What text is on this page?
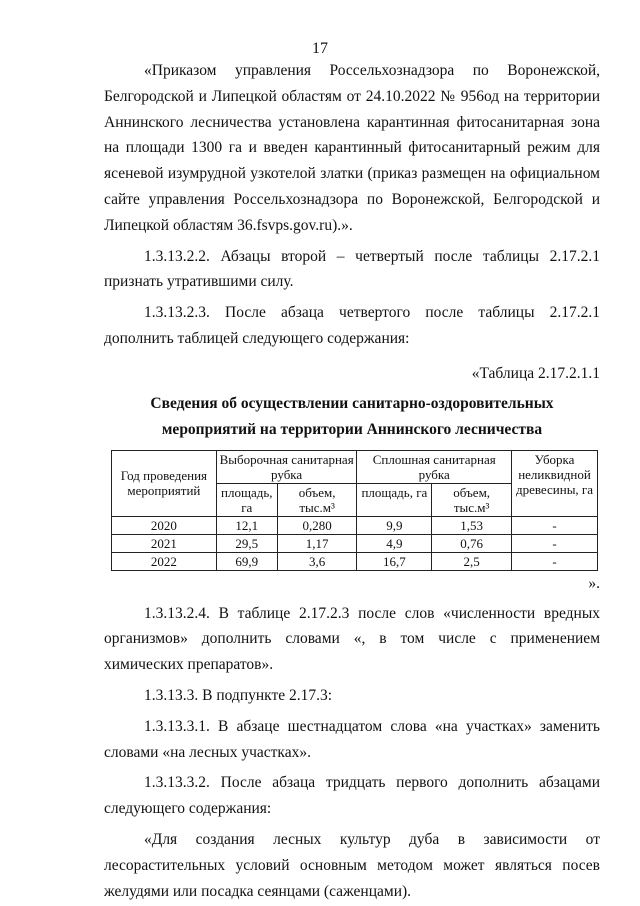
17

«Приказом управления Россельхознадзора по Воронежской, Белгородской и Липецкой областям от 24.10.2022 № 956од на территории Аннинского лесничества установлена карантинная фитосанитарная зона на площади 1300 га и введен карантинный фитосанитарный режим для ясеневой изумрудной узкотелой златки (приказ размещен на официальном сайте управления Россельхознадзора по Воронежской, Белгородской и Липецкой областям 36.fsvps.gov.ru).».

1.3.13.2.2. Абзацы второй – четвертый после таблицы 2.17.2.1 признать утратившими силу.

1.3.13.2.3. После абзаца четвертого после таблицы 2.17.2.1 дополнить таблицей следующего содержания:

«Таблица 2.17.2.1.1

Сведения об осуществлении санитарно-оздоровительных мероприятий на территории Аннинского лесничества

Год проведения мероприятий	Выборочная санитарная рубка		Сплошная санитарная рубка		Уборка неликвидной древесины, га
	площадь, га	объем, тыс.м³	площадь, га	объем, тыс.м³	
2020	12,1	0,280	9,9	1,53	-
2021	29,5	1,17	4,9	0,76	-
2022	69,9	3,6	16,7	2,5	-

».

1.3.13.2.4. В таблице 2.17.2.3 после слов «численности вредных организмов» дополнить словами «, в том числе с применением химических препаратов».

1.3.13.3. В подпункте 2.17.3:

1.3.13.3.1. В абзаце шестнадцатом слова «на участках» заменить словами «на лесных участках».

1.3.13.3.2. После абзаца тридцать первого дополнить абзацами следующего содержания:

«Для создания лесных культур дуба в зависимости от лесорастительных условий основным методом может являться посев желудями или посадка сеянцами (саженцами).
